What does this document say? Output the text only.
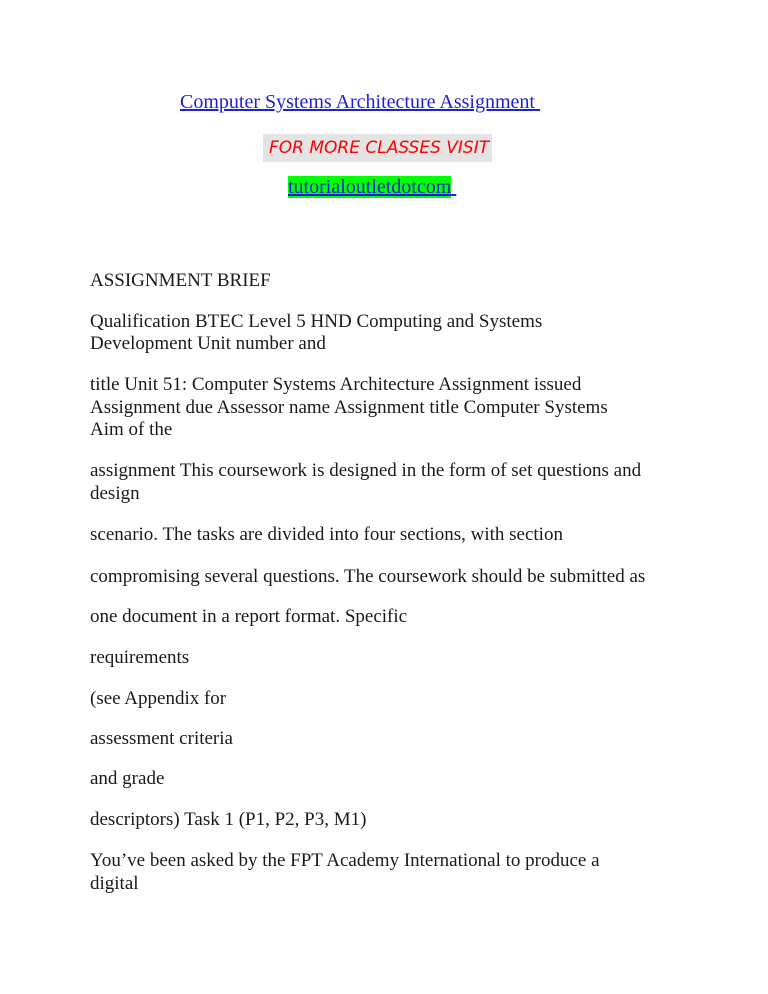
Computer Systems Architecture Assignment
FOR MORE CLASSES VISIT
tutorialoutletdotcom
ASSIGNMENT BRIEF
Qualification BTEC Level 5 HND Computing and Systems
Development Unit number and
title Unit 51: Computer Systems Architecture Assignment issued
Assignment due Assessor name Assignment title Computer Systems
Aim of the
assignment This coursework is designed in the form of set questions and
design
scenario. The tasks are divided into four sections, with section
compromising several questions. The coursework should be submitted as
one document in a report format. Specific
requirements
(see Appendix for
assessment criteria
and grade
descriptors) Task 1 (P1, P2, P3, M1)
You’ve been asked by the FPT Academy International to produce a
digital
